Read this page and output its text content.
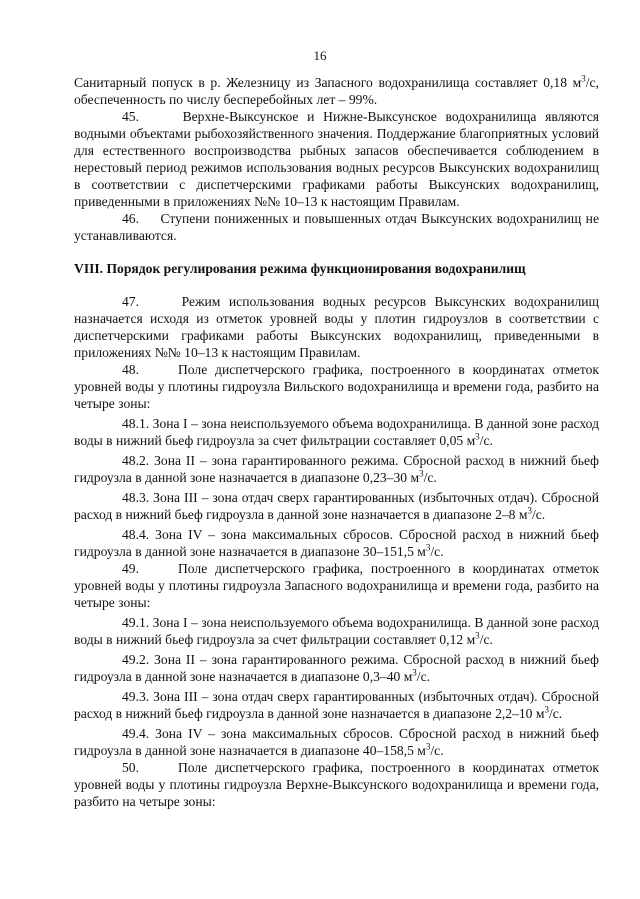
16

Санитарный попуск в р. Железницу из Запасного водохранилища составляет 0,18 $м^3/с$, обеспеченность по числу бесперебойных лет – 99%.

45.     Верхне-Выксунское и Нижне-Выксунское водохранилища являются водными объектами рыбохозяйственного значения. Поддержание благоприятных условий для естественного воспроизводства рыбных запасов обеспечивается соблюдением в нерестовый период режимов использования водных ресурсов Выксунских водохранилищ в соответствии с диспетчерскими графиками работы Выксунских водохранилищ, приведенными в приложениях №№ 10–13 к настоящим Правилам.

46.     Ступени пониженных и повышенных отдач Выксунских водохранилищ не устанавливаются.

VIII. Порядок регулирования режима функционирования водохранилищ

47.     Режим использования водных ресурсов Выксунских водохранилищ назначается исходя из отметок уровней воды у плотин гидроузлов в соответствии с диспетчерскими графиками работы Выксунских водохранилищ, приведенными в приложениях №№ 10–13 к настоящим Правилам.

48.     Поле диспетчерского графика, построенного в координатах отметок уровней воды у плотины гидроузла Вильского водохранилища и времени года, разбито на четыре зоны:

48.1. Зона I – зона неиспользуемого объема водохранилища. В данной зоне расход воды в нижний бьеф гидроузла за счет фильтрации составляет 0,05 $м^3/с$.

48.2. Зона II – зона гарантированного режима. Сбросной расход в нижний бьеф гидроузла в данной зоне назначается в диапазоне 0,23–30 $м^3/с$.

48.3. Зона III – зона отдач сверх гарантированных (избыточных отдач). Сбросной расход в нижний бьеф гидроузла в данной зоне назначается в диапазоне 2–8 $м^3/с$.

48.4. Зона IV – зона максимальных сбросов. Сбросной расход в нижний бьеф гидроузла в данной зоне назначается в диапазоне 30–151,5 $м^3/с$.

49.     Поле диспетчерского графика, построенного в координатах отметок уровней воды у плотины гидроузла Запасного водохранилища и времени года, разбито на четыре зоны:

49.1. Зона I – зона неиспользуемого объема водохранилища. В данной зоне расход воды в нижний бьеф гидроузла за счет фильтрации составляет 0,12 $м^3/с$.

49.2. Зона II – зона гарантированного режима. Сбросной расход в нижний бьеф гидроузла в данной зоне назначается в диапазоне 0,3–40 $м^3/с$.

49.3. Зона III – зона отдач сверх гарантированных (избыточных отдач). Сбросной расход в нижний бьеф гидроузла в данной зоне назначается в диапазоне 2,2–10 $м^3/с$.

49.4. Зона IV – зона максимальных сбросов. Сбросной расход в нижний бьеф гидроузла в данной зоне назначается в диапазоне 40–158,5 $м^3/с$.

50.     Поле диспетчерского графика, построенного в координатах отметок уровней воды у плотины гидроузла Верхне-Выксунского водохранилища и времени года, разбито на четыре зоны:
